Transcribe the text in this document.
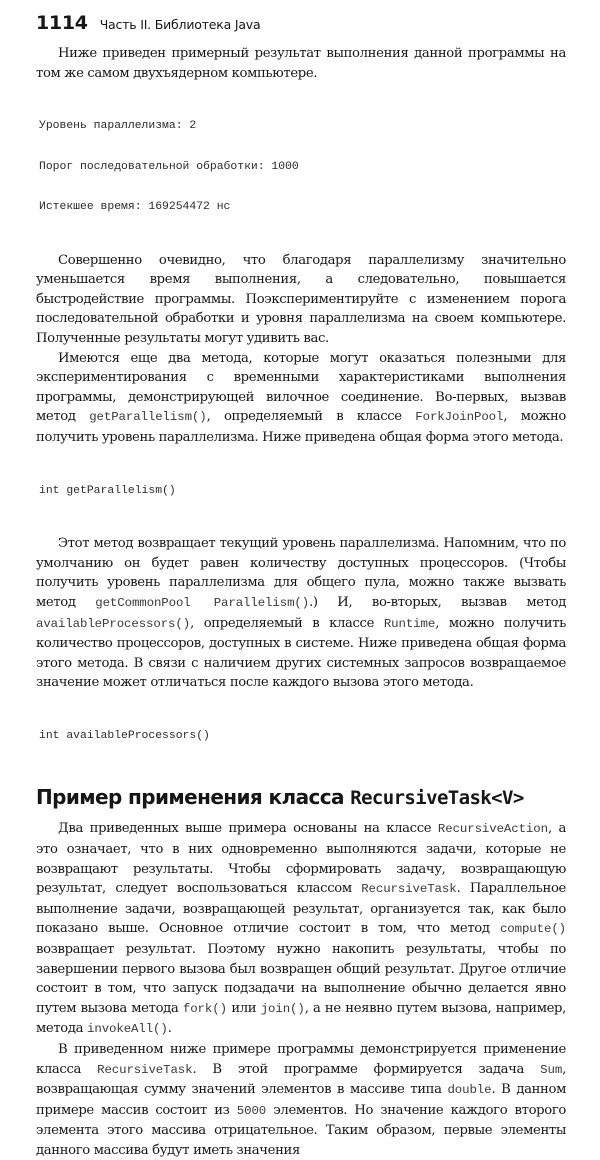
1114 Часть II. Библиотека Java

Ниже приведен примерный результат выполнения данной программы на том же самом двухъядерном компьютере.

Уровень параллелизма: 2

Порог последовательной обработки: 1000

Истекшее время: 169254472 нс

Совершенно очевидно, что благодаря параллелизму значительно уменьшается время выполнения, а следовательно, повышается быстродействие программы. Поэкспериментируйте с изменением порога последовательной обработки и уровня параллелизма на своем компьютере. Полученные результаты могут удивить вас.

Имеются еще два метода, которые могут оказаться полезными для экспериментирования с временными характеристиками выполнения программы, демонстрирующей вилочное соединение. Во-первых, вызвав метод getParallelism(), определяемый в классе ForkJoinPool, можно получить уровень параллелизма. Ниже приведена общая форма этого метода.

int getParallelism()

Этот метод возвращает текущий уровень параллелизма. Напомним, что по умолчанию он будет равен количеству доступных процессоров. (Чтобы получить уровень параллелизма для общего пула, можно также вызвать метод getCommonPool Parallelism().) И, во-вторых, вызвав метод availableProcessors(), определяемый в классе Runtime, можно получить количество процессоров, доступных в системе. Ниже приведена общая форма этого метода. В связи с наличием других системных запросов возвращаемое значение может отличаться после каждого вызова этого метода.

int availableProcessors()

Пример применения класса RecursiveTask<V>

Два приведенных выше примера основаны на классе RecursiveAction, а это означает, что в них одновременно выполняются задачи, которые не возвращают результаты. Чтобы сформировать задачу, возвращающую результат, следует воспользоваться классом RecursiveTask. Параллельное выполнение задачи, возвращающей результат, организуется так, как было показано выше. Основное отличие состоит в том, что метод compute() возвращает результат. Поэтому нужно накопить результаты, чтобы по завершении первого вызова был возвращен общий результат. Другое отличие состоит в том, что запуск подзадачи на выполнение обычно делается явно путем вызова метода fork() или join(), а не неявно путем вызова, например, метода invokeAll().

В приведенном ниже примере программы демонстрируется применение класса RecursiveTask. В этой программе формируется задача Sum, возвращающая сумму значений элементов в массиве типа double. В данном примере массив состоит из 5000 элементов. Но значение каждого второго элемента этого массива отрицательное. Таким образом, первые элементы данного массива будут иметь значения
